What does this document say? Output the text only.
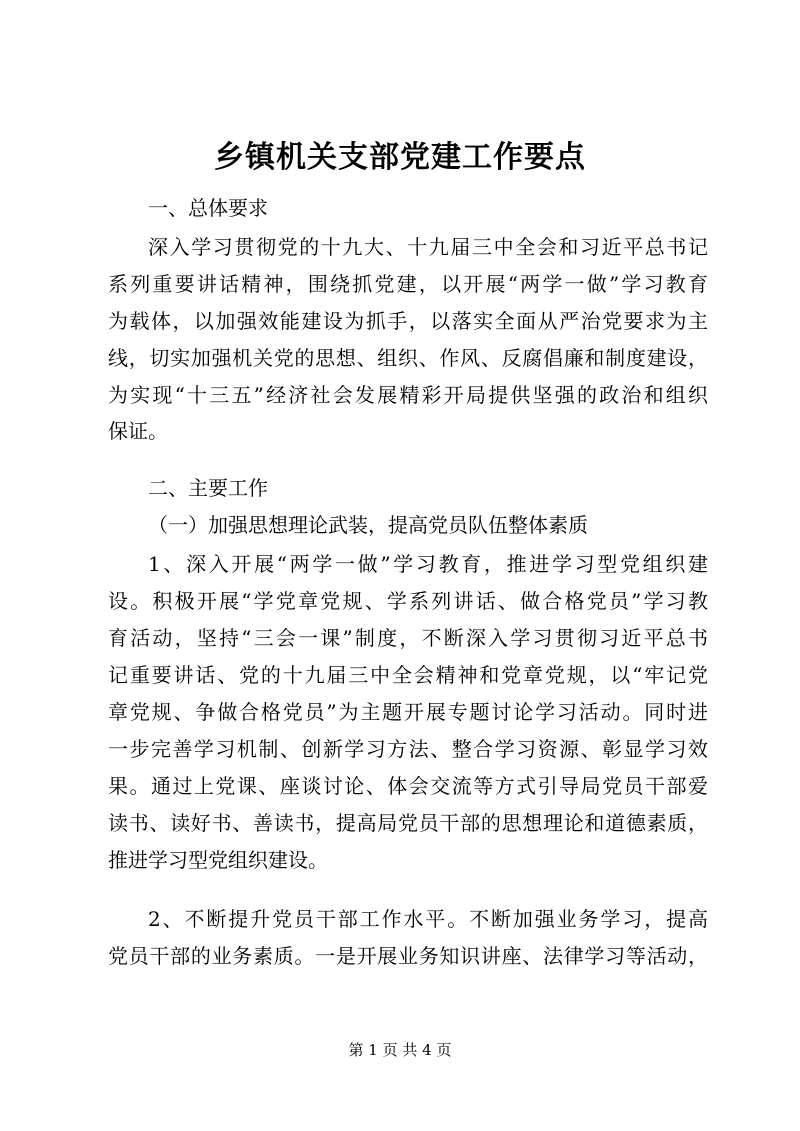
乡镇机关支部党建工作要点
一、总体要求
深入学习贯彻党的十九大、十九届三中全会和习近平总书记
系列重要讲话精神，围绕抓党建，以开展“两学一做”学习教育
为载体，以加强效能建设为抓手，以落实全面从严治党要求为主
线，切实加强机关党的思想、组织、作风、反腐倡廉和制度建设，
为实现“十三五”经济社会发展精彩开局提供坚强的政治和组织
保证。
二、主要工作
（一）加强思想理论武装，提高党员队伍整体素质
1、深入开展“两学一做”学习教育，推进学习型党组织建
设。积极开展“学党章党规、学系列讲话、做合格党员”学习教
育活动，坚持“三会一课”制度，不断深入学习贯彻习近平总书
记重要讲话、党的十九届三中全会精神和党章党规，以“牢记党
章党规、争做合格党员”为主题开展专题讨论学习活动。同时进
一步完善学习机制、创新学习方法、整合学习资源、彰显学习效
果。通过上党课、座谈讨论、体会交流等方式引导局党员干部爱
读书、读好书、善读书，提高局党员干部的思想理论和道德素质，
推进学习型党组织建设。
2、不断提升党员干部工作水平。不断加强业务学习，提高
党员干部的业务素质。一是开展业务知识讲座、法律学习等活动，
第 1 页 共 4 页
